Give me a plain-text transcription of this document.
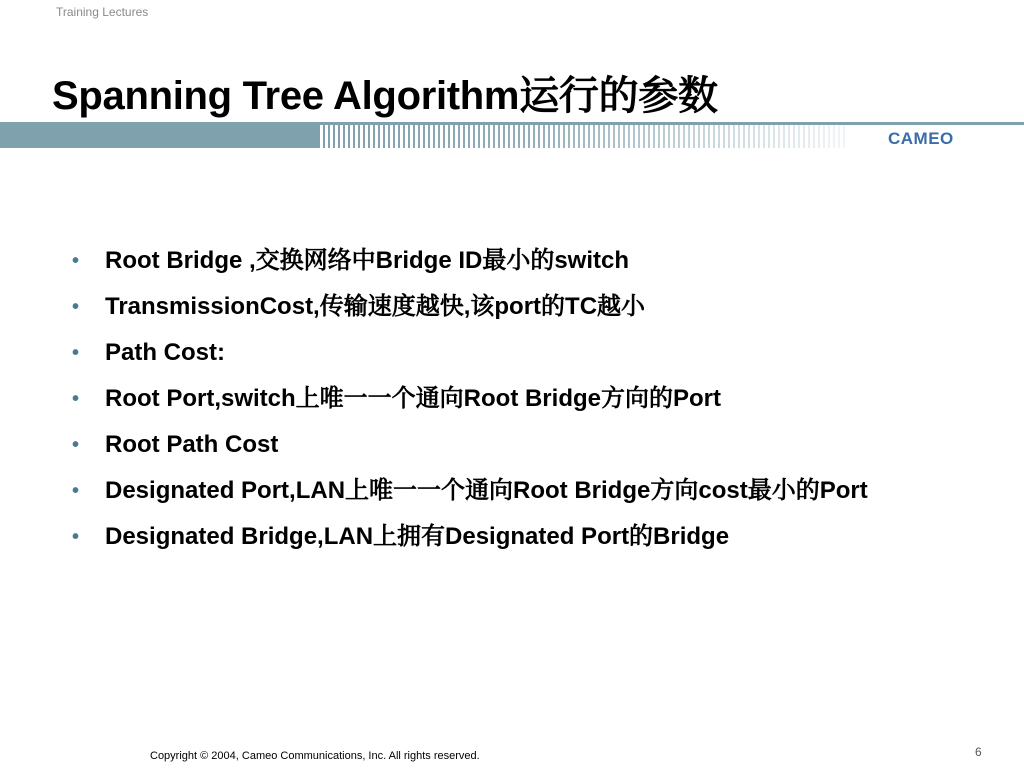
Training Lectures
Spanning Tree Algorithm运行的参数
CAMEO
• Root Bridge ,交换网络中Bridge ID最小的switch
• TransmissionCost,传输速度越快,该port的TC越小
• Path Cost:
• Root Port,switch上唯一一个通向Root Bridge方向的Port
• Root Path Cost
• Designated Port,LAN上唯一一个通向Root Bridge方向cost最小的Port
• Designated Bridge,LAN上拥有Designated Port的Bridge
Copyright © 2004, Cameo Communications, Inc. All rights reserved.	6
